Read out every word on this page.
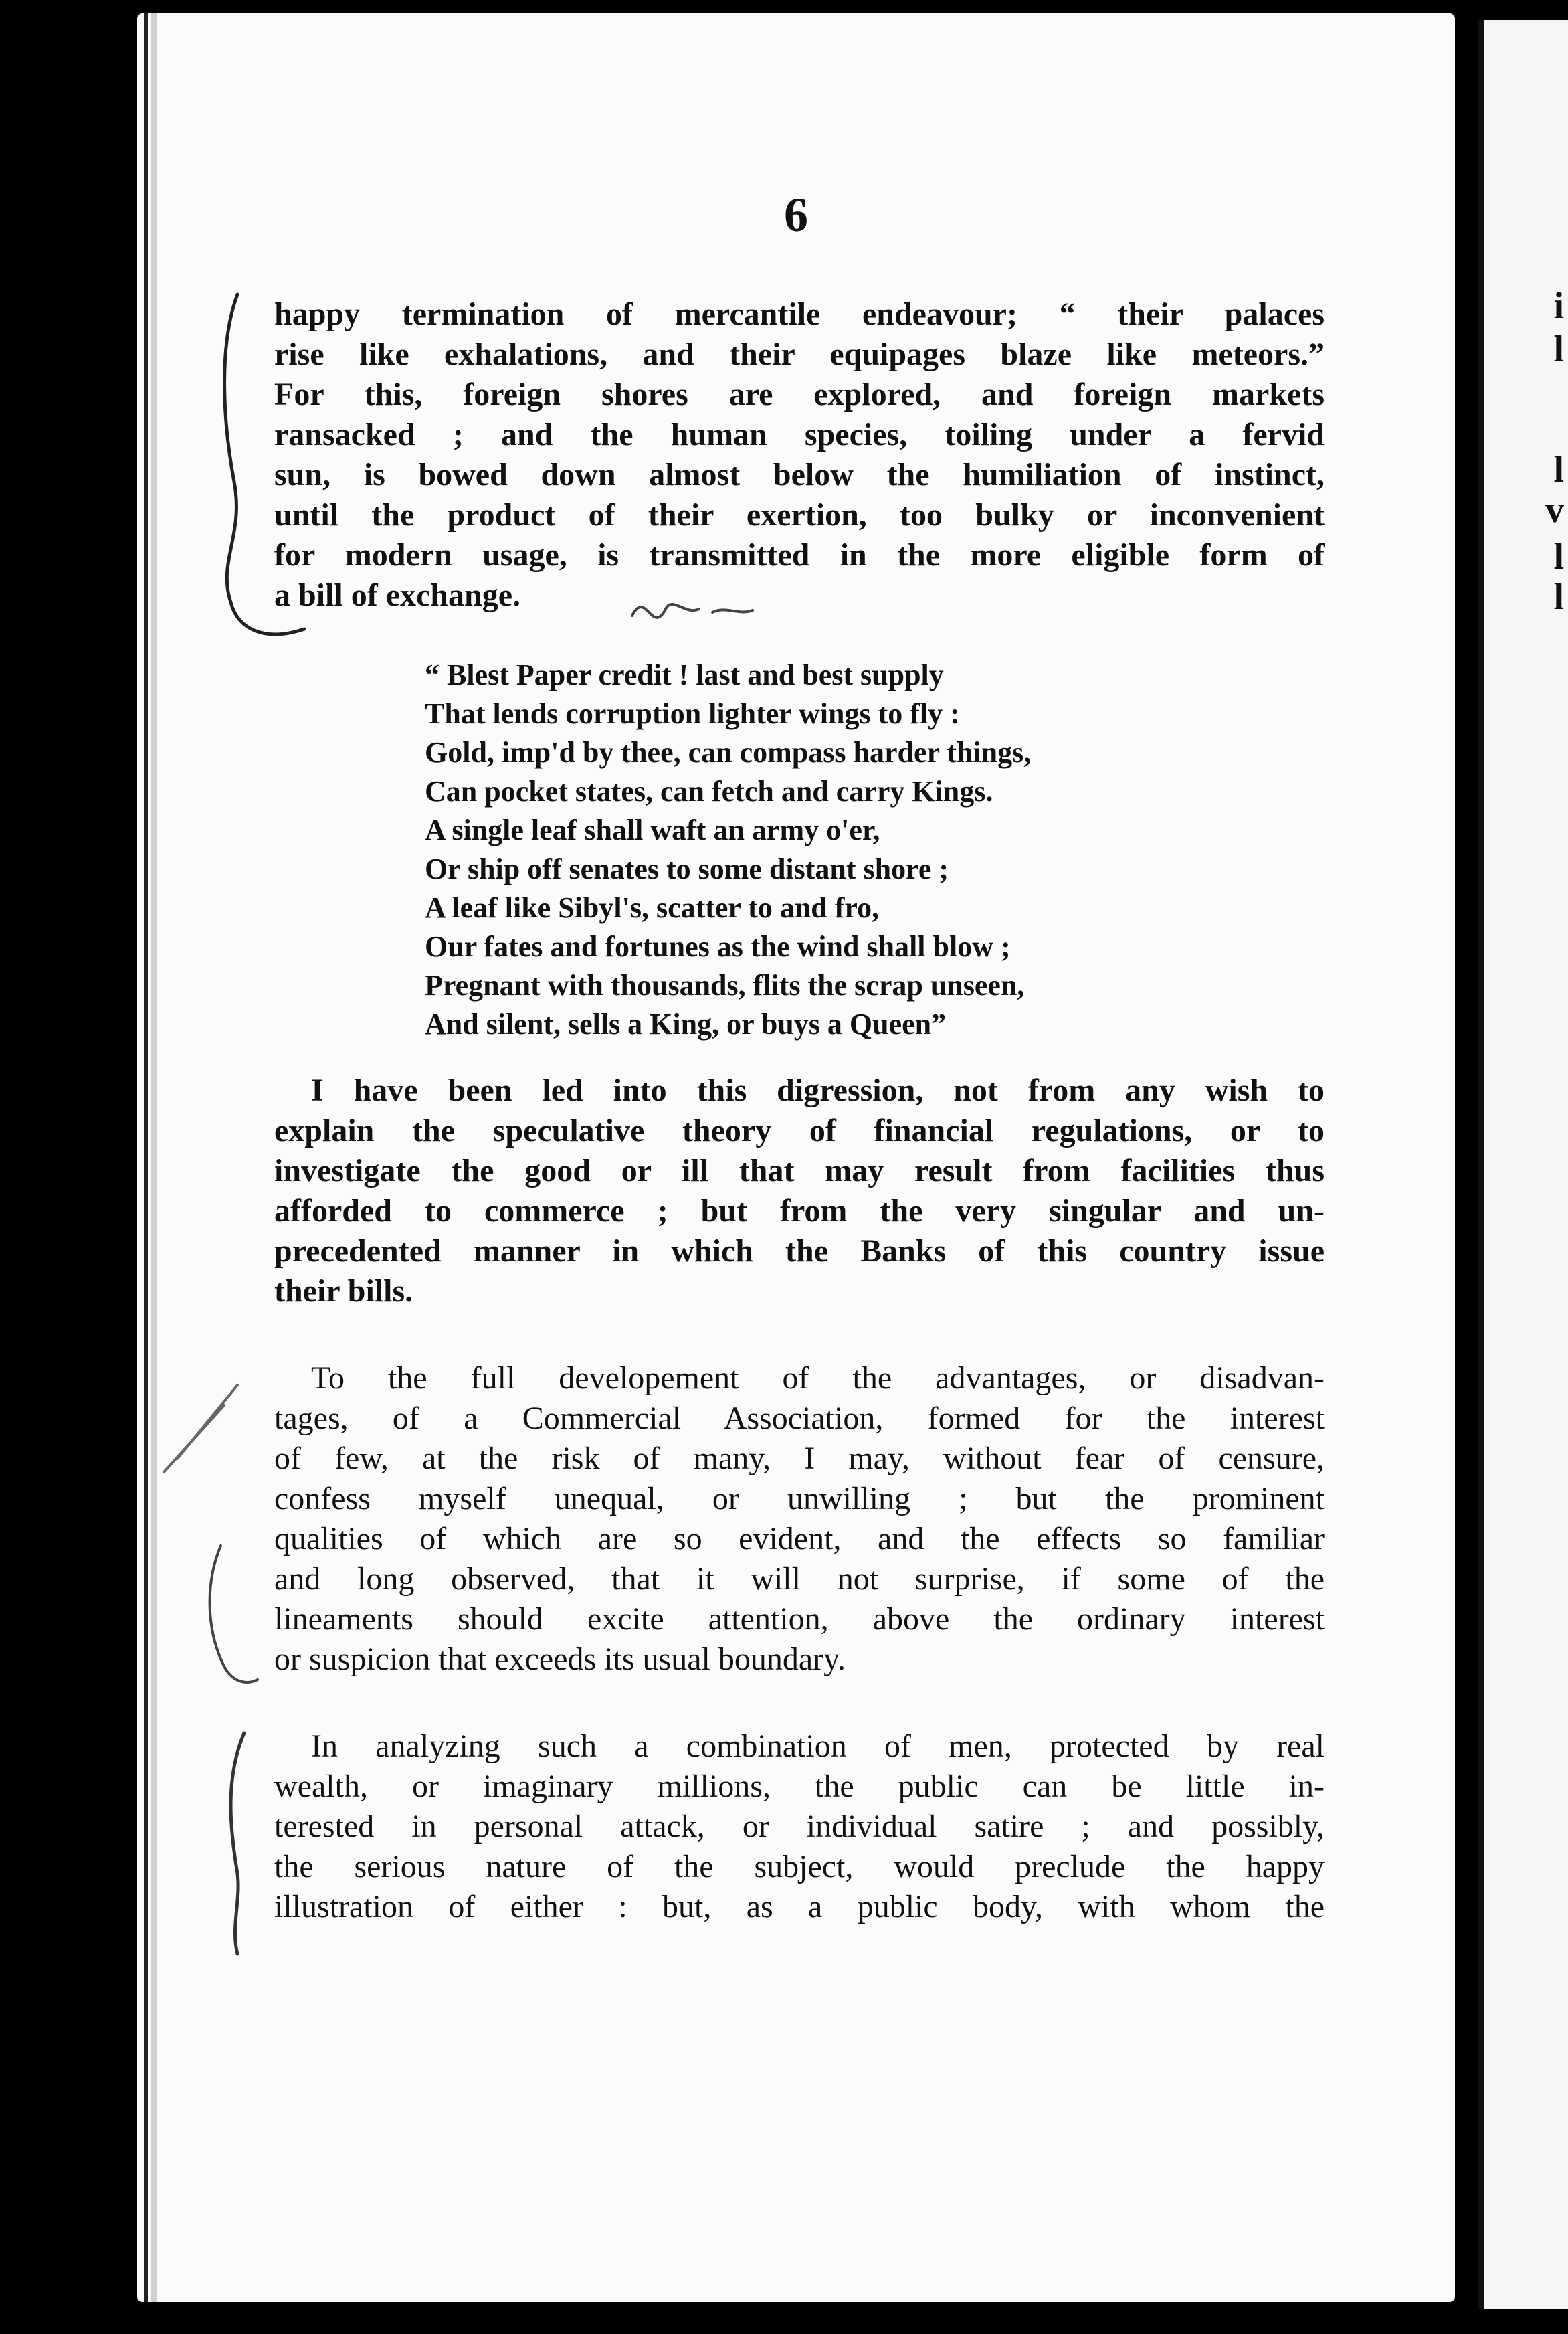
i
l
l
v
l
l
6
happy termination of mercantile endeavour; “ their palaces
rise like exhalations, and their equipages blaze like meteors.”
For this, foreign shores are explored, and foreign markets
ransacked ; and the human species, toiling under a fervid
sun, is bowed down almost below the humiliation of instinct,
until the product of their exertion, too bulky or inconvenient
for modern usage, is transmitted in the more eligible form of
a bill of exchange.
“ Blest Paper credit ! last and best supply
That lends corruption lighter wings to fly :
Gold, imp'd by thee, can compass harder things,
Can pocket states, can fetch and carry Kings.
A single leaf shall waft an army o'er,
Or ship off senates to some distant shore ;
A leaf like Sibyl's, scatter to and fro,
Our fates and fortunes as the wind shall blow ;
Pregnant with thousands, flits the scrap unseen,
And silent, sells a King, or buys a Queen”
I have been led into this digression, not from any wish to
explain the speculative theory of financial regulations, or to
investigate the good or ill that may result from facilities thus
afforded to commerce ; but from the very singular and un-
precedented manner in which the Banks of this country issue
their bills.
To the full developement of the advantages, or disadvan-
tages, of a Commercial Association, formed for the interest
of few, at the risk of many, I may, without fear of censure,
confess myself unequal, or unwilling ; but the prominent
qualities of which are so evident, and the effects so familiar
and long observed, that it will not surprise, if some of the
lineaments should excite attention, above the ordinary interest
or suspicion that exceeds its usual boundary.
In analyzing such a combination of men, protected by real
wealth, or imaginary millions, the public can be little in-
terested in personal attack, or individual satire ; and possibly,
the serious nature of the subject, would preclude the happy
illustration of either : but, as a public body, with whom the
